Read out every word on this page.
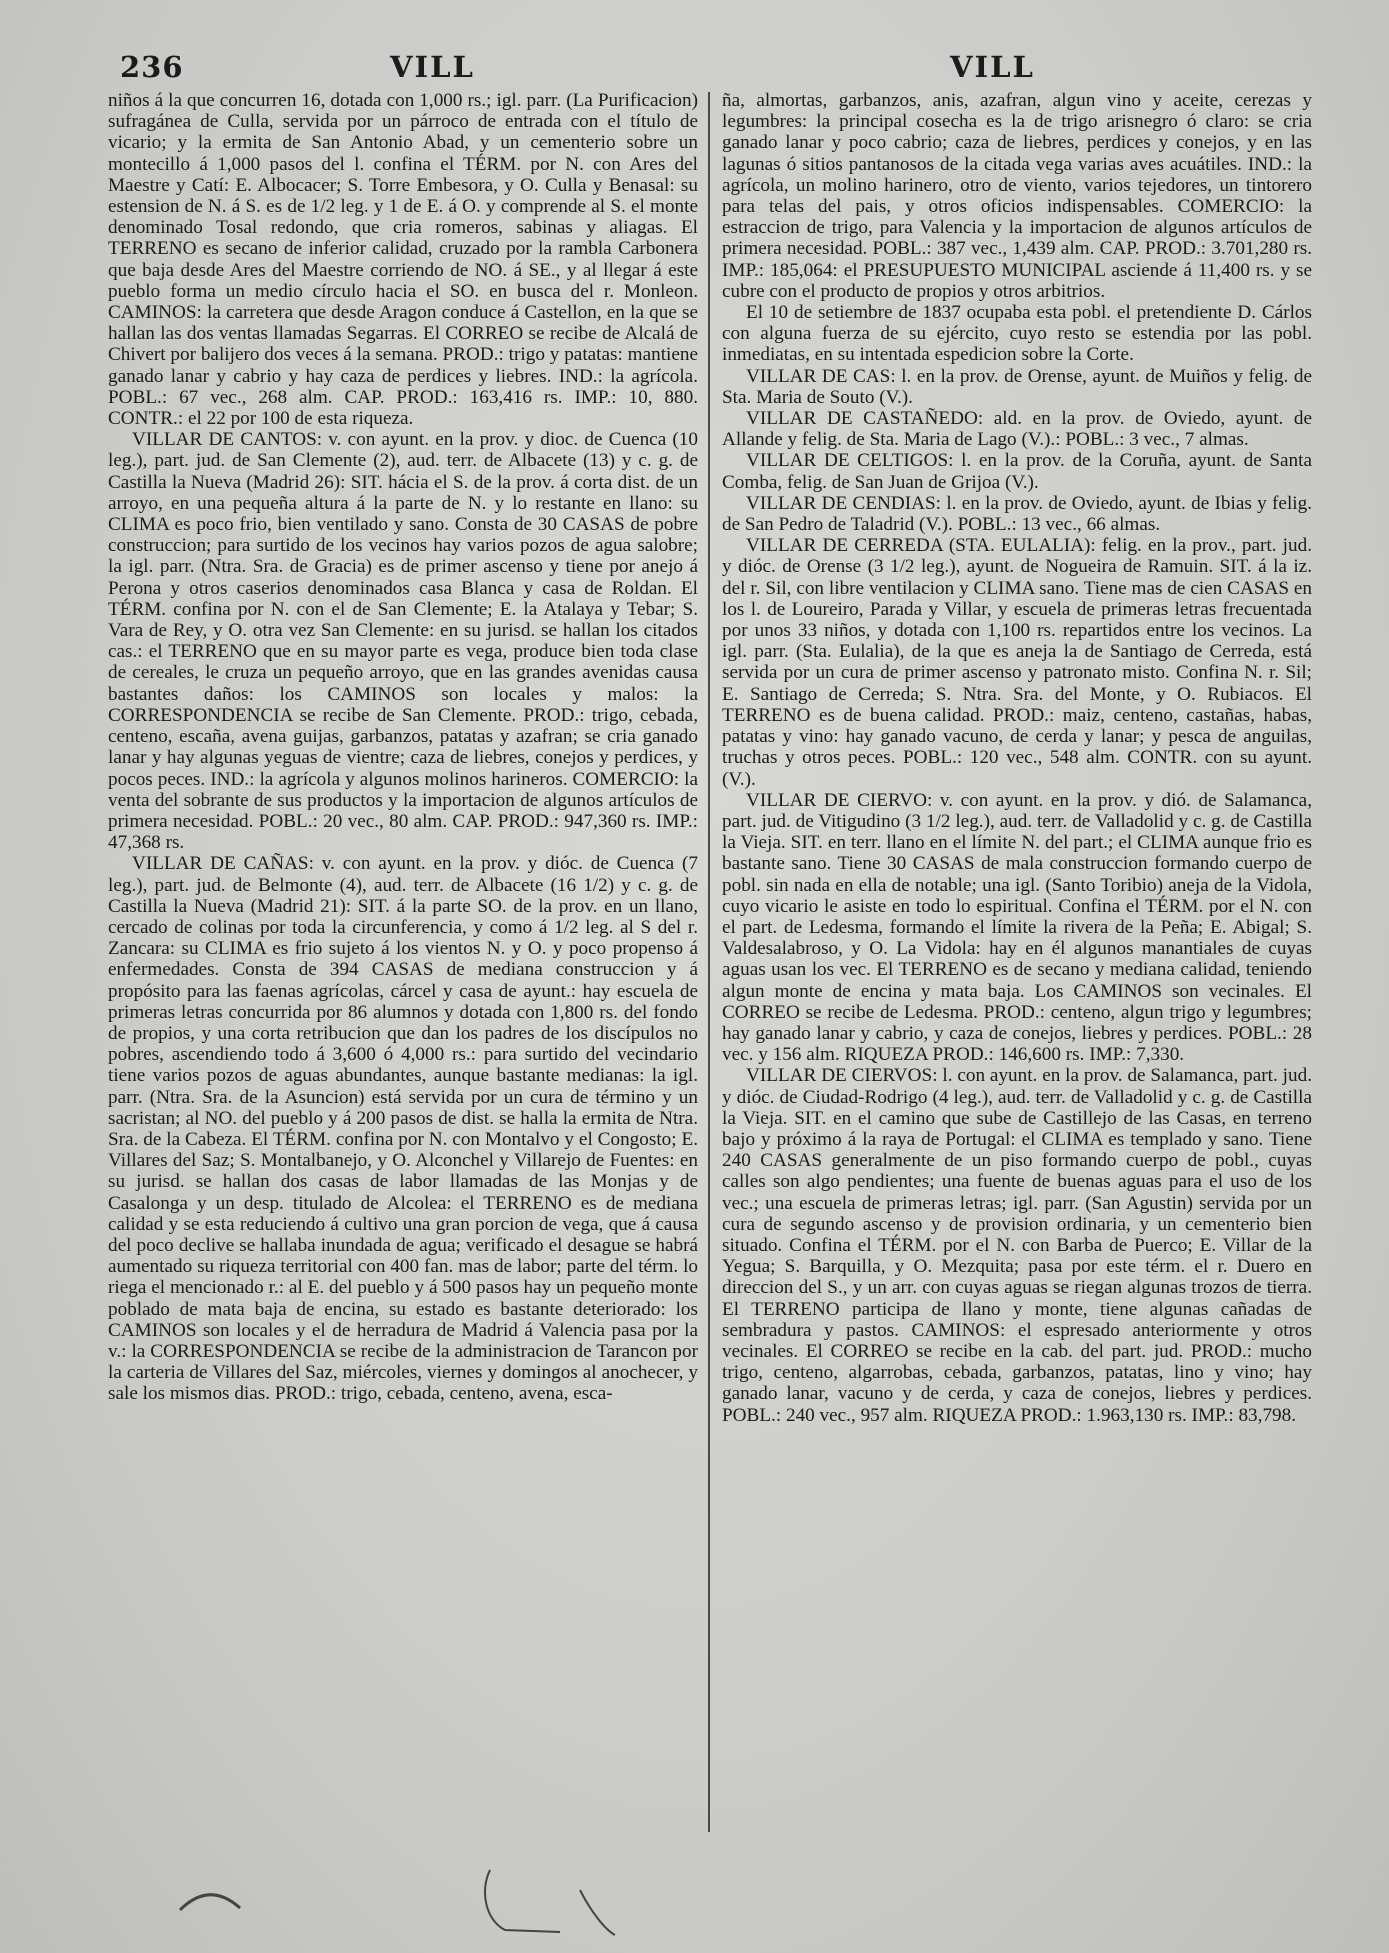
236	VILL	VILL

niños á la que concurren 16, dotada con 1,000 rs.; igl. parr. (La Purificacion) sufragánea de Culla, servida por un párroco de entrada con el título de vicario; y la ermita de San Antonio Abad, y un cementerio sobre un montecillo á 1,000 pasos del l. confina el TÉRM. por N. con Ares del Maestre y Catí: E. Albocacer; S. Torre Embesora, y O. Culla y Benasal: su estension de N. á S. es de 1/2 leg. y 1 de E. á O. y comprende al S. el monte denominado Tosal redondo, que cria romeros, sabinas y aliagas. El TERRENO es secano de inferior calidad, cruzado por la rambla Carbonera que baja desde Ares del Maestre corriendo de NO. á SE., y al llegar á este pueblo forma un medio círculo hacia el SO. en busca del r. Monleon. CAMINOS: la carretera que desde Aragon conduce á Castellon, en la que se hallan las dos ventas llamadas Segarras. El CORREO se recibe de Alcalá de Chivert por balijero dos veces á la semana. PROD.: trigo y patatas: mantiene ganado lanar y cabrio y hay caza de perdices y liebres. IND.: la agrícola. POBL.: 67 vec., 268 alm. CAP. PROD.: 163,416 rs. IMP.: 10, 880. CONTR.: el 22 por 100 de esta riqueza.

VILLAR DE CANTOS: v. con ayunt. en la prov. y dioc. de Cuenca (10 leg.), part. jud. de San Clemente (2), aud. terr. de Albacete (13) y c. g. de Castilla la Nueva (Madrid 26): SIT. hácia el S. de la prov. á corta dist. de un arroyo, en una pequeña altura á la parte de N. y lo restante en llano: su CLIMA es poco frio, bien ventilado y sano. Consta de 30 CASAS de pobre construccion; para surtido de los vecinos hay varios pozos de agua salobre; la igl. parr. (Ntra. Sra. de Gracia) es de primer ascenso y tiene por anejo á Perona y otros caserios denominados casa Blanca y casa de Roldan. El TÉRM. confina por N. con el de San Clemente; E. la Atalaya y Tebar; S. Vara de Rey, y O. otra vez San Clemente: en su jurisd. se hallan los citados cas.: el TERRENO que en su mayor parte es vega, produce bien toda clase de cereales, le cruza un pequeño arroyo, que en las grandes avenidas causa bastantes daños: los CAMINOS son locales y malos: la CORRESPONDENCIA se recibe de San Clemente. PROD.: trigo, cebada, centeno, escaña, avena guijas, garbanzos, patatas y azafran; se cria ganado lanar y hay algunas yeguas de vientre; caza de liebres, conejos y perdices, y pocos peces. IND.: la agrícola y algunos molinos harineros. COMERCIO: la venta del sobrante de sus productos y la importacion de algunos artículos de primera necesidad. POBL.: 20 vec., 80 alm. CAP. PROD.: 947,360 rs. IMP.: 47,368 rs.

VILLAR DE CAÑAS: v. con ayunt. en la prov. y dióc. de Cuenca (7 leg.), part. jud. de Belmonte (4), aud. terr. de Albacete (16 1/2) y c. g. de Castilla la Nueva (Madrid 21): SIT. á la parte SO. de la prov. en un llano, cercado de colinas por toda la circunferencia, y como á 1/2 leg. al S del r. Zancara: su CLIMA es frio sujeto á los vientos N. y O. y poco propenso á enfermedades. Consta de 394 CASAS de mediana construccion y á propósito para las faenas agrícolas, cárcel y casa de ayunt.: hay escuela de primeras letras concurrida por 86 alumnos y dotada con 1,800 rs. del fondo de propios, y una corta retribucion que dan los padres de los discípulos no pobres, ascendiendo todo á 3,600 ó 4,000 rs.: para surtido del vecindario tiene varios pozos de aguas abundantes, aunque bastante medianas: la igl. parr. (Ntra. Sra. de la Asuncion) está servida por un cura de término y un sacristan; al NO. del pueblo y á 200 pasos de dist. se halla la ermita de Ntra. Sra. de la Cabeza. El TÉRM. confina por N. con Montalvo y el Congosto; E. Villares del Saz; S. Montalbanejo, y O. Alconchel y Villarejo de Fuentes: en su jurisd. se hallan dos casas de labor llamadas de las Monjas y de Casalonga y un desp. titulado de Alcolea: el TERRENO es de mediana calidad y se esta reduciendo á cultivo una gran porcion de vega, que á causa del poco declive se hallaba inundada de agua; verificado el desague se habrá aumentado su riqueza territorial con 400 fan. mas de labor; parte del térm. lo riega el mencionado r.: al E. del pueblo y á 500 pasos hay un pequeño monte poblado de mata baja de encina, su estado es bastante deteriorado: los CAMINOS son locales y el de herradura de Madrid á Valencia pasa por la v.: la CORRESPONDENCIA se recibe de la administracion de Tarancon por la carteria de Villares del Saz, miércoles, viernes y domingos al anochecer, y sale los mismos dias. PROD.: trigo, cebada, centeno, avena, esca-

ña, almortas, garbanzos, anis, azafran, algun vino y aceite, cerezas y legumbres: la principal cosecha es la de trigo arisnegro ó claro: se cria ganado lanar y poco cabrio; caza de liebres, perdices y conejos, y en las lagunas ó sitios pantanosos de la citada vega varias aves acuátiles. IND.: la agrícola, un molino harinero, otro de viento, varios tejedores, un tintorero para telas del pais, y otros oficios indispensables. COMERCIO: la estraccion de trigo, para Valencia y la importacion de algunos artículos de primera necesidad. POBL.: 387 vec., 1,439 alm. CAP. PROD.: 3.701,280 rs. IMP.: 185,064: el PRESUPUESTO MUNICIPAL asciende á 11,400 rs. y se cubre con el producto de propios y otros arbitrios.

El 10 de setiembre de 1837 ocupaba esta pobl. el pretendiente D. Cárlos con alguna fuerza de su ejército, cuyo resto se estendia por las pobl. inmediatas, en su intentada espedicion sobre la Corte.

VILLAR DE CAS: l. en la prov. de Orense, ayunt. de Muiños y felig. de Sta. Maria de Souto (V.).

VILLAR DE CASTAÑEDO: ald. en la prov. de Oviedo, ayunt. de Allande y felig. de Sta. Maria de Lago (V.).: POBL.: 3 vec., 7 almas.

VILLAR DE CELTIGOS: l. en la prov. de la Coruña, ayunt. de Santa Comba, felig. de San Juan de Grijoa (V.).

VILLAR DE CENDIAS: l. en la prov. de Oviedo, ayunt. de Ibias y felig. de San Pedro de Taladrid (V.). POBL.: 13 vec., 66 almas.

VILLAR DE CERREDA (STA. EULALIA): felig. en la prov., part. jud. y dióc. de Orense (3 1/2 leg.), ayunt. de Nogueira de Ramuin. SIT. á la iz. del r. Sil, con libre ventilacion y CLIMA sano. Tiene mas de cien CASAS en los l. de Loureiro, Parada y Villar, y escuela de primeras letras frecuentada por unos 33 niños, y dotada con 1,100 rs. repartidos entre los vecinos. La igl. parr. (Sta. Eulalia), de la que es aneja la de Santiago de Cerreda, está servida por un cura de primer ascenso y patronato misto. Confina N. r. Sil; E. Santiago de Cerreda; S. Ntra. Sra. del Monte, y O. Rubiacos. El TERRENO es de buena calidad. PROD.: maiz, centeno, castañas, habas, patatas y vino: hay ganado vacuno, de cerda y lanar; y pesca de anguilas, truchas y otros peces. POBL.: 120 vec., 548 alm. CONTR. con su ayunt. (V.).

VILLAR DE CIERVO: v. con ayunt. en la prov. y dió. de Salamanca, part. jud. de Vitigudino (3 1/2 leg.), aud. terr. de Valladolid y c. g. de Castilla la Vieja. SIT. en terr. llano en el límite N. del part.; el CLIMA aunque frio es bastante sano. Tiene 30 CASAS de mala construccion formando cuerpo de pobl. sin nada en ella de notable; una igl. (Santo Toribio) aneja de la Vidola, cuyo vicario le asiste en todo lo espiritual. Confina el TÉRM. por el N. con el part. de Ledesma, formando el límite la rivera de la Peña; E. Abigal; S. Valdesalabroso, y O. La Vidola: hay en él algunos manantiales de cuyas aguas usan los vec. El TERRENO es de secano y mediana calidad, teniendo algun monte de encina y mata baja. Los CAMINOS son vecinales. El CORREO se recibe de Ledesma. PROD.: centeno, algun trigo y legumbres; hay ganado lanar y cabrio, y caza de conejos, liebres y perdices. POBL.: 28 vec. y 156 alm. RIQUEZA PROD.: 146,600 rs. IMP.: 7,330.

VILLAR DE CIERVOS: l. con ayunt. en la prov. de Salamanca, part. jud. y dióc. de Ciudad-Rodrigo (4 leg.), aud. terr. de Valladolid y c. g. de Castilla la Vieja. SIT. en el camino que sube de Castillejo de las Casas, en terreno bajo y próximo á la raya de Portugal: el CLIMA es templado y sano. Tiene 240 CASAS generalmente de un piso formando cuerpo de pobl., cuyas calles son algo pendientes; una fuente de buenas aguas para el uso de los vec.; una escuela de primeras letras; igl. parr. (San Agustin) servida por un cura de segundo ascenso y de provision ordinaria, y un cementerio bien situado. Confina el TÉRM. por el N. con Barba de Puerco; E. Villar de la Yegua; S. Barquilla, y O. Mezquita; pasa por este térm. el r. Duero en direccion del S., y un arr. con cuyas aguas se riegan algunas trozos de tierra. El TERRENO participa de llano y monte, tiene algunas cañadas de sembradura y pastos. CAMINOS: el espresado anteriormente y otros vecinales. El CORREO se recibe en la cab. del part. jud. PROD.: mucho trigo, centeno, algarrobas, cebada, garbanzos, patatas, lino y vino; hay ganado lanar, vacuno y de cerda, y caza de conejos, liebres y perdices. POBL.: 240 vec., 957 alm. RIQUEZA PROD.: 1.963,130 rs. IMP.: 83,798.
